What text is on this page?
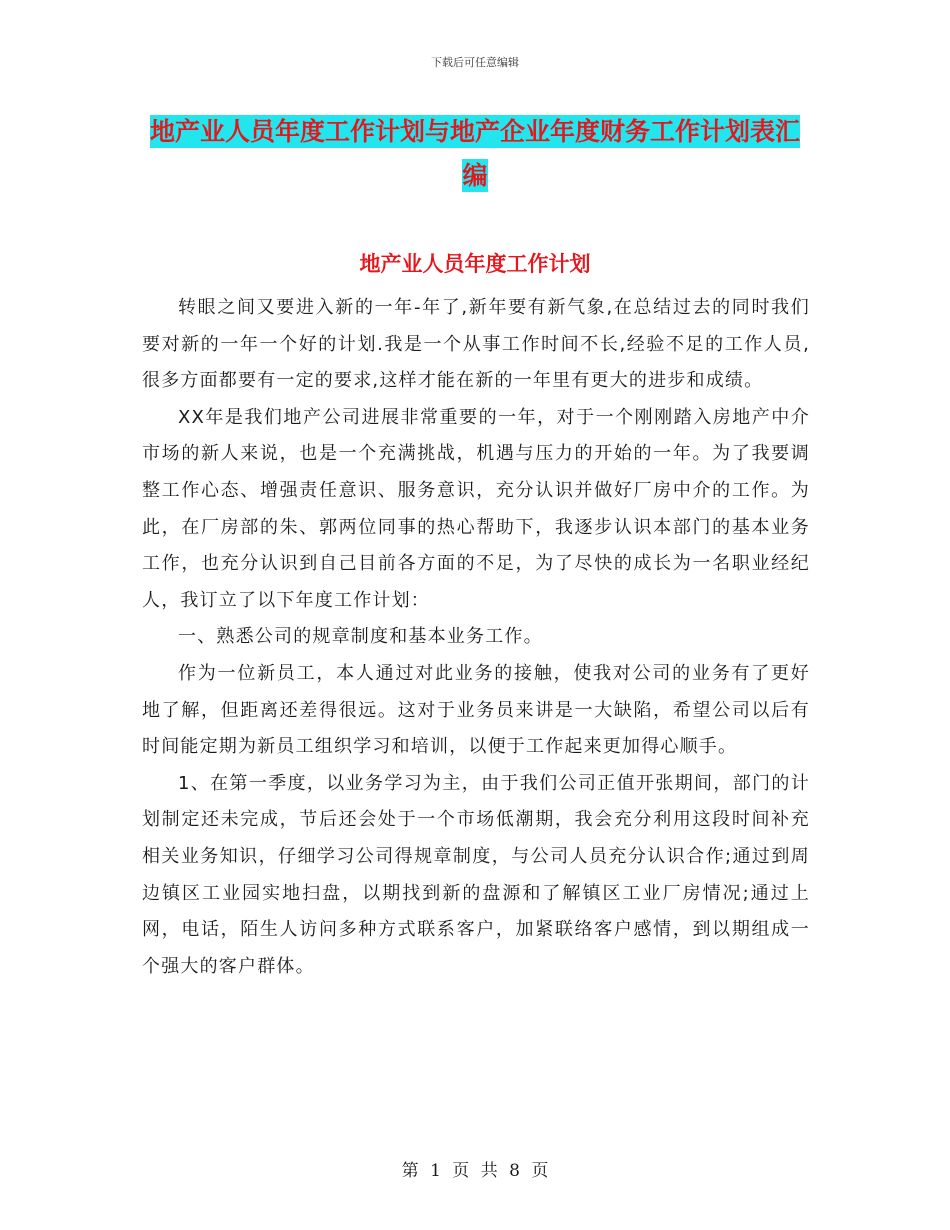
下载后可任意编辑
地产业人员年度工作计划与地产企业年度财务工作计划表汇编
地产业人员年度工作计划

转眼之间又要进入新的一年-年了,新年要有新气象,在总结过去的同时我们要对新的一年一个好的计划.我是一个从事工作时间不长,经验不足的工作人员,很多方面都要有一定的要求,这样才能在新的一年里有更大的进步和成绩。

XX年是我们地产公司进展非常重要的一年，对于一个刚刚踏入房地产中介市场的新人来说，也是一个充满挑战，机遇与压力的开始的一年。为了我要调整工作心态、增强责任意识、服务意识，充分认识并做好厂房中介的工作。为此，在厂房部的朱、郭两位同事的热心帮助下，我逐步认识本部门的基本业务工作，也充分认识到自己目前各方面的不足，为了尽快的成长为一名职业经纪人，我订立了以下年度工作计划：

一、熟悉公司的规章制度和基本业务工作。

作为一位新员工，本人通过对此业务的接触，使我对公司的业务有了更好地了解，但距离还差得很远。这对于业务员来讲是一大缺陷，希望公司以后有时间能定期为新员工组织学习和培训，以便于工作起来更加得心顺手。

1、在第一季度，以业务学习为主，由于我们公司正值开张期间，部门的计划制定还未完成，节后还会处于一个市场低潮期，我会充分利用这段时间补充相关业务知识，仔细学习公司得规章制度，与公司人员充分认识合作;通过到周边镇区工业园实地扫盘，以期找到新的盘源和了解镇区工业厂房情况;通过上网，电话，陌生人访问多种方式联系客户，加紧联络客户感情，到以期组成一个强大的客户群体。

第 1 页 共 8 页
